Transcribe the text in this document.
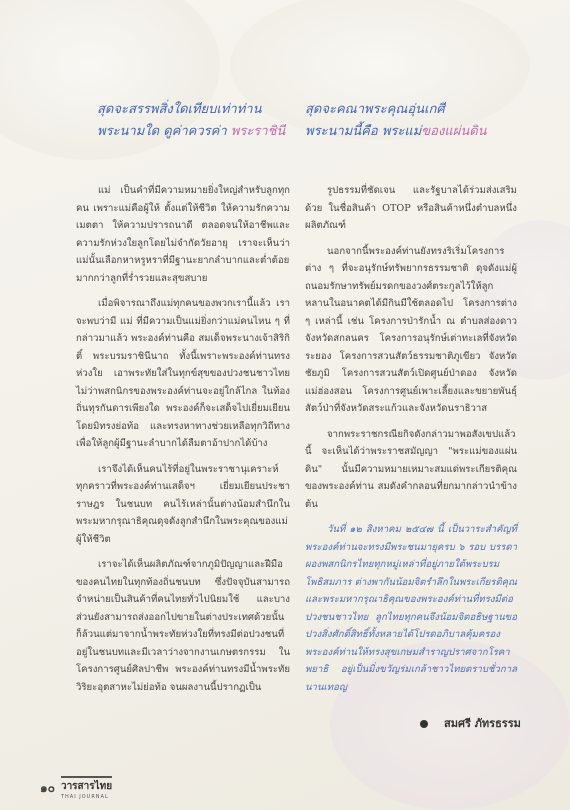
สุดจะสรรพสิ่งใดเทียบเท่าท่าน
พระนามใด ดูค่าควรค่า พระราชินี
สุดจะคณาพระคุณอุ่นเกศี
พระนามนี้คือ พระแม่ของแผ่นดิน

แม่ เป็นคำที่มีความหมายยิ่งใหญ่สำหรับลูกทุกคน เพราะแม่คือผู้ให้ ตั้งแต่ให้ชีวิต ให้ความรักความเมตตา ให้ความปรารถนาดี ตลอดจนให้อาชีพและความรักห่วงใยลูกโดยไม่จำกัดวัยอายุ เราจะเห็นว่าแม่นั้นเลือกหาหรูหราที่มีฐานะยากลำบากและต่ำต้อยมากกว่าลูกที่ร่ำรวยและสุขสบาย

เมื่อพิจารณาถึงแม่ทุกคนของพวกเรานี้แล้ว เราจะพบว่ามี แม่ ที่มีความเป็นแม่ยิ่งกว่าแม่คนไหน ๆ ที่กล่าวมาแล้ว พระองค์ท่านคือ สมเด็จพระนางเจ้าสิริกิติ์ พระบรมราชินีนาถ ทั้งนี้เพราะพระองค์ท่านทรงห่วงใย เอาพระทัยใส่ในทุกข์สุขของปวงชนชาวไทย ไม่ว่าพสกนิกรของพระองค์ท่านจะอยู่ใกล้ไกล ในท้องถิ่นทุรกันดารเพียงใด พระองค์ก็จะเสด็จไปเยี่ยมเยียนโดยมิทรงย่อท้อ และทรงหาทางช่วยเหลือทุกวิถีทางเพื่อให้ลูกผู้มีฐานะลำบากได้ลืมตาอ้าปากได้บ้าง

เราจึงได้เห็นคนไร้ที่อยู่ในพระราชานุเคราะห์ ทุกคราวที่พระองค์ท่านเสด็จฯ เยี่ยมเยียนประชาราษฎร ในชนบท คนไร้เหล่านั้นต่างน้อมสำนึกในพระมหากรุณาธิคุณดุจดังลูกสำนึกในพระคุณของแม่ผู้ให้ชีวิต

เราจะได้เห็นผลิตภัณฑ์จากภูมิปัญญาและฝีมือของคนไทยในทุกท้องถิ่นชนบท ซึ่งปัจจุบันสามารถจำหน่ายเป็นสินค้าที่คนไทยทั่วไปนิยมใช้ และบางส่วนยังสามารถส่งออกไปขายในต่างประเทศด้วยนั้น ก็ล้วนแต่มาจากน้ำพระทัยห่วงใยที่ทรงมีต่อปวงชนที่อยู่ในชนบทและมีเวลาว่างจากงานเกษตรกรรม ในโครงการศูนย์ศิลปาชีพ พระองค์ท่านทรงมีน้ำพระทัยวิริยะอุตสาหะไม่ย่อท้อ จนผลงานนี้ปรากฏเป็น

รูปธรรมที่ชัดเจน และรัฐบาลได้ร่วมส่งเสริมด้วย ในชื่อสินค้า OTOP หรือสินค้าหนึ่งตำบลหนึ่งผลิตภัณฑ์

นอกจากนี้พระองค์ท่านยังทรงริเริ่มโครงการต่าง ๆ ที่จะอนุรักษ์ทรัพยากรธรรมชาติ ดุจดังแม่ผู้ถนอมรักษาทรัพย์มรดกของวงศ์ตระกูลไว้ให้ลูกหลานในอนาคตได้มีกินมีใช้ตลอดไป โครงการต่าง ๆ เหล่านี้ เช่น โครงการป่ารักน้ำ ณ ตำบลส่องดาว จังหวัดสกลนคร โครงการอนุรักษ์เต่าทะเลที่จังหวัดระยอง โครงการสวนสัตว์ธรรมชาติภูเขียว จังหวัดชัยภูมิ โครงการสวนสัตว์เปิดศูนย์ป่าดอง จังหวัดแม่ฮ่องสอน โครงการศูนย์เพาะเลี้ยงและขยายพันธุ์สัตว์ป่าที่จังหวัดสระแก้วและจังหวัดนราธิวาส

จากพระราชกรณียกิจดังกล่าวมาพอสังเขปแล้วนี้ จะเห็นได้ว่าพระราชสมัญญา "พระแม่ของแผ่นดิน" นั้นมีความหมายเหมาะสมแด่พระเกียรติคุณของพระองค์ท่าน สมดังคำกลอนที่ยกมากล่าวนำข้างต้น

วันที่ ๑๒ สิงหาคม ๒๕๔๗ นี้ เป็นวาระสำคัญที่พระองค์ท่านจะทรงมีพระชนมายุครบ ๖ รอบ บรรดาผองพสกนิกรไทยทุกหมู่เหล่าที่อยู่ภายใต้พระบรมโพธิสมภาร ต่างพากันน้อมจิตรำลึกในพระเกียรติคุณและพระมหากรุณาธิคุณของพระองค์ท่านที่ทรงมีต่อปวงชนชาวไทย ลูกไทยทุกคนจึงน้อมจิตอธิษฐานขอปวงสิ่งศักดิ์สิทธิ์ทั้งหลายได้โปรดอภิบาลคุ้มครองพระองค์ท่านให้ทรงสุขเกษมสำราญปราศจากโรคาพยาธิ อยู่เป็นมิ่งขวัญร่มเกล้าชาวไทยตราบชั่วกาลนานเทอญ

สมศรี ภัทรธรรม
๑๐ วารสารไทย
THAI JOURNAL
